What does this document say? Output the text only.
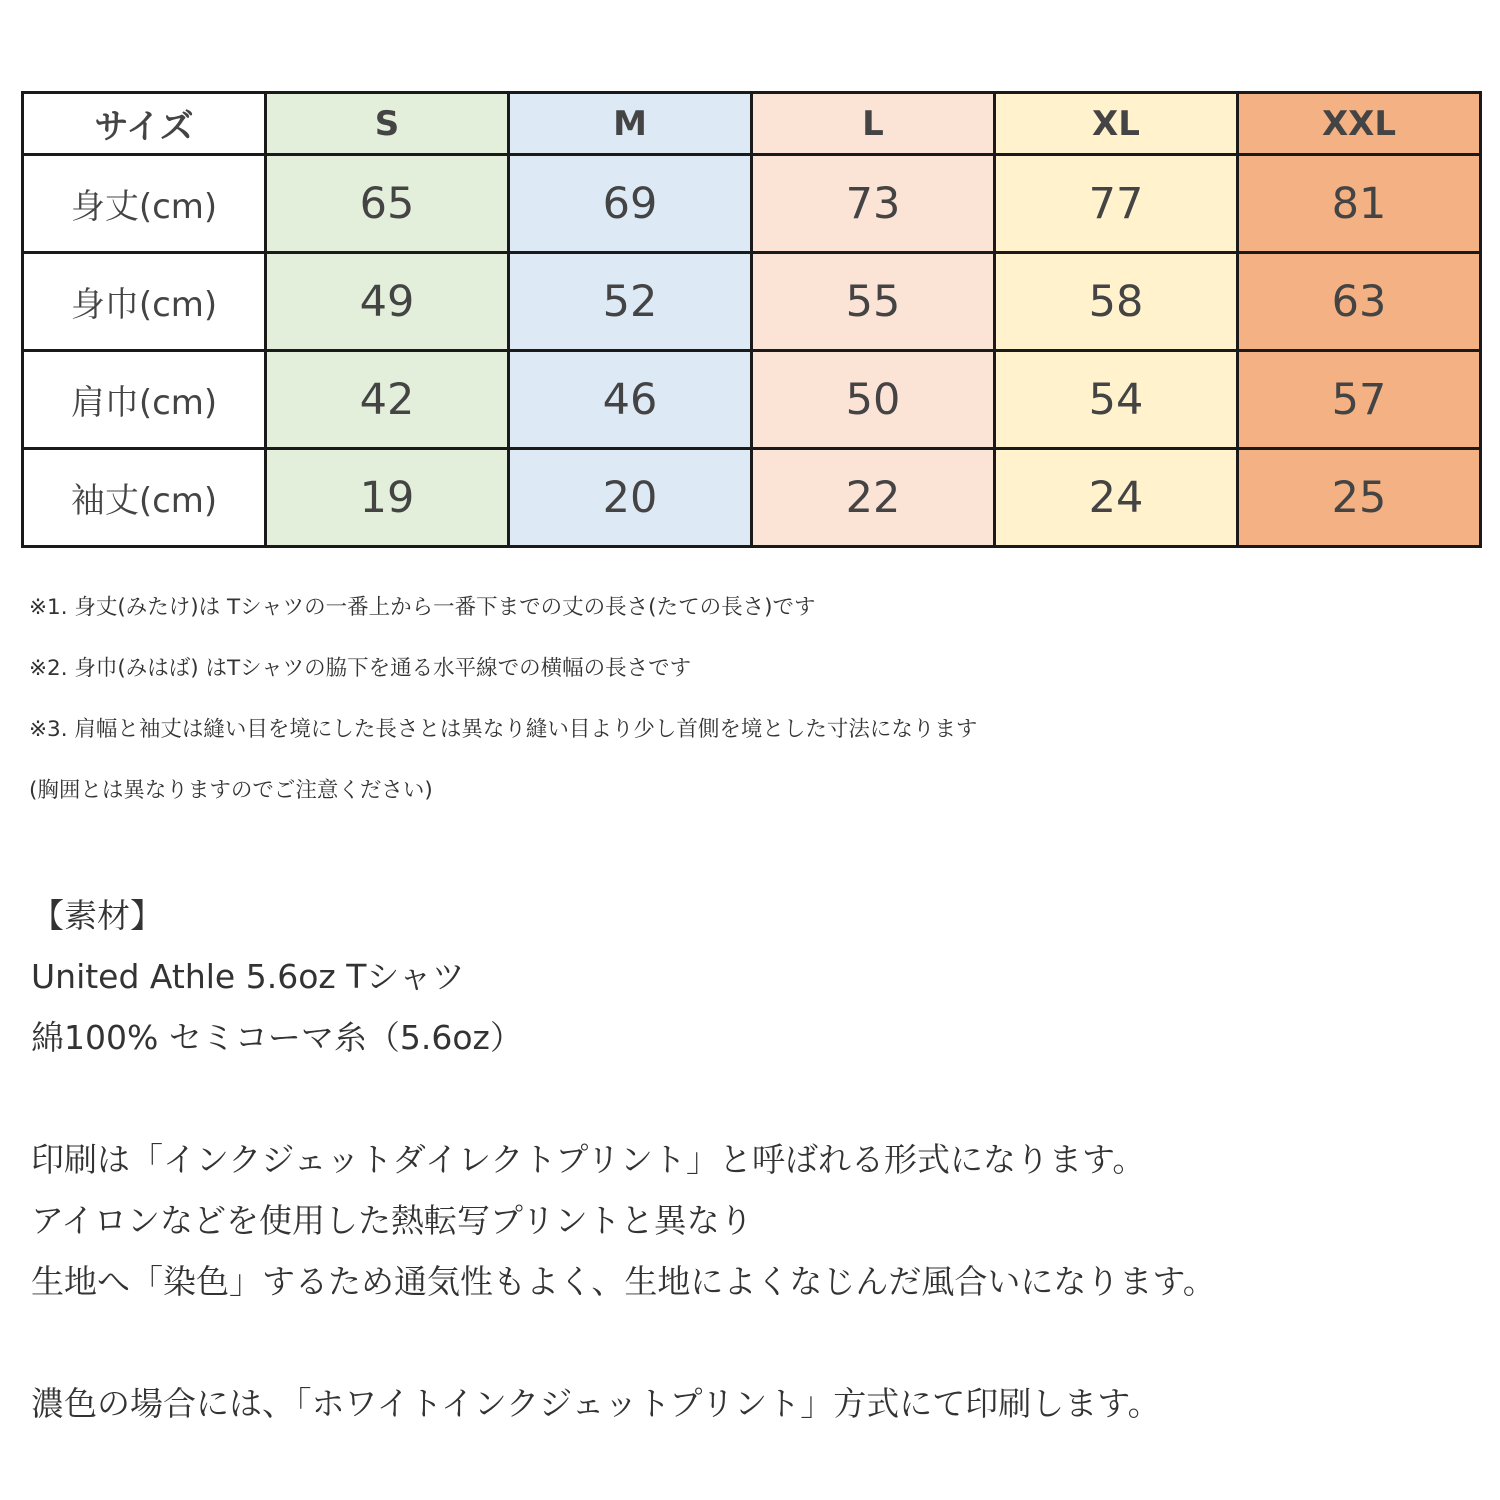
サイズ	S	M	L	XL	XXL
身丈(cm)	65	69	73	77	81
身巾(cm)	49	52	55	58	63
肩巾(cm)	42	46	50	54	57
袖丈(cm)	19	20	22	24	25
※1. 身丈(みたけ)は Tシャツの一番上から一番下までの丈の長さ(たての長さ)です
※2. 身巾(みはば) はTシャツの脇下を通る水平線での横幅の長さです
※3. 肩幅と袖丈は縫い目を境にした長さとは異なり縫い目より少し首側を境とした寸法になります
(胸囲とは異なりますのでご注意ください)
【素材】
United Athle 5.6oz Tシャツ
綿100% セミコーマ糸（5.6oz）
印刷は「インクジェットダイレクトプリント」と呼ばれる形式になります。
アイロンなどを使用した熱転写プリントと異なり
生地へ「染色」するため通気性もよく、生地によくなじんだ風合いになります。
濃色の場合には、「ホワイトインクジェットプリント」方式にて印刷します。
